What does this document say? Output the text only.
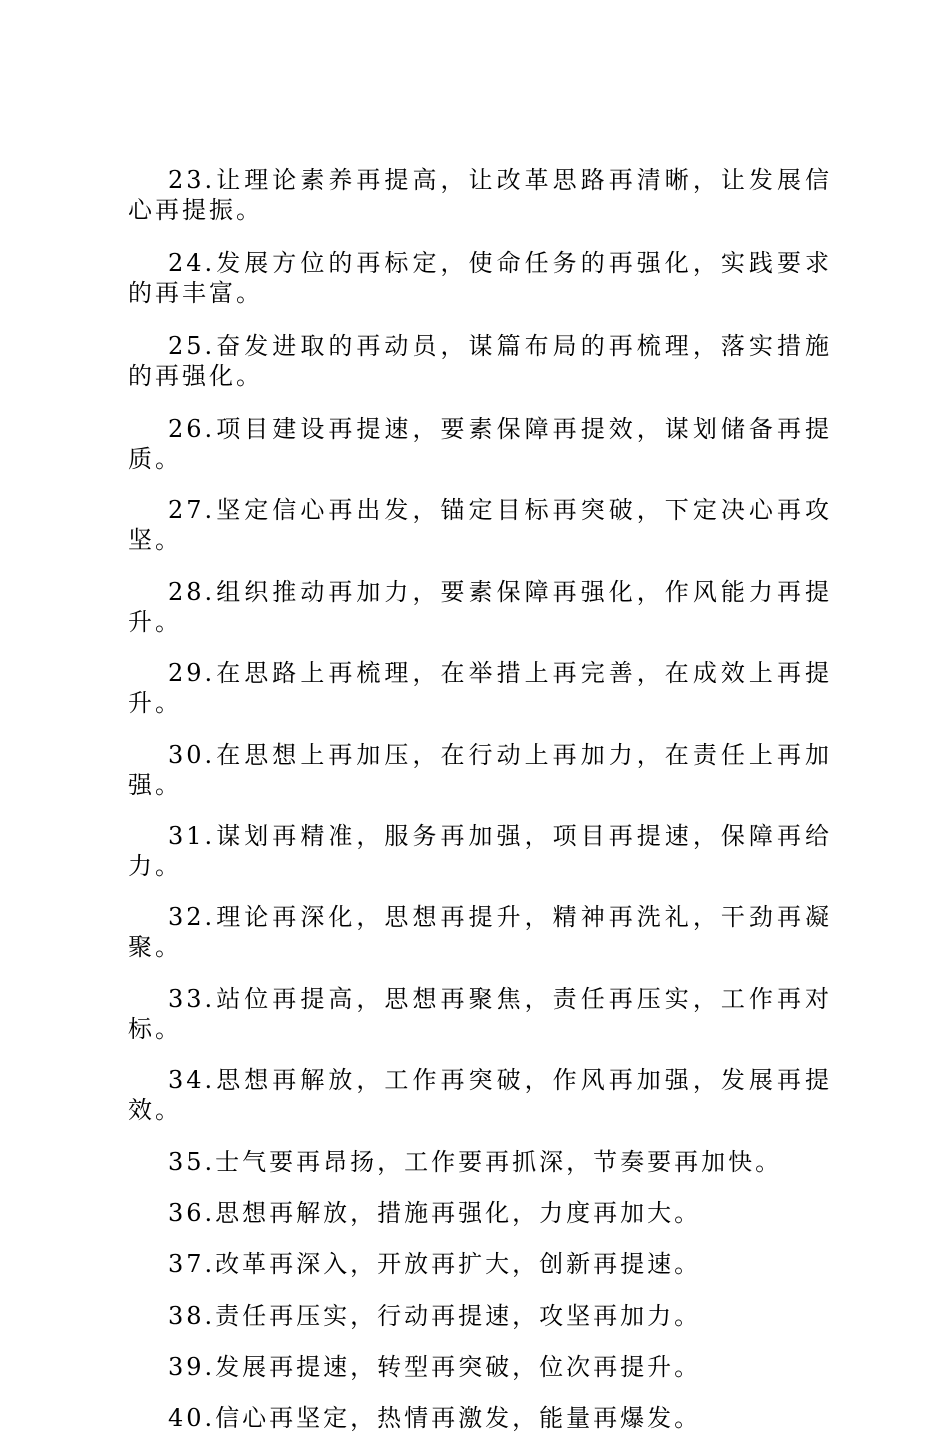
23.让理论素养再提高，让改革思路再清晰，让发展信心再提振。

24.发展方位的再标定，使命任务的再强化，实践要求的再丰富。

25.奋发进取的再动员，谋篇布局的再梳理，落实措施的再强化。

26.项目建设再提速，要素保障再提效，谋划储备再提质。

27.坚定信心再出发，锚定目标再突破，下定决心再攻坚。

28.组织推动再加力，要素保障再强化，作风能力再提升。

29.在思路上再梳理，在举措上再完善，在成效上再提升。

30.在思想上再加压，在行动上再加力，在责任上再加强。

31.谋划再精准，服务再加强，项目再提速，保障再给力。

32.理论再深化，思想再提升，精神再洗礼，干劲再凝聚。

33.站位再提高，思想再聚焦，责任再压实，工作再对标。

34.思想再解放，工作再突破，作风再加强，发展再提效。

35.士气要再昂扬，工作要再抓深，节奏要再加快。

36.思想再解放，措施再强化，力度再加大。

37.改革再深入，开放再扩大，创新再提速。

38.责任再压实，行动再提速，攻坚再加力。

39.发展再提速，转型再突破，位次再提升。

40.信心再坚定，热情再激发，能量再爆发。
